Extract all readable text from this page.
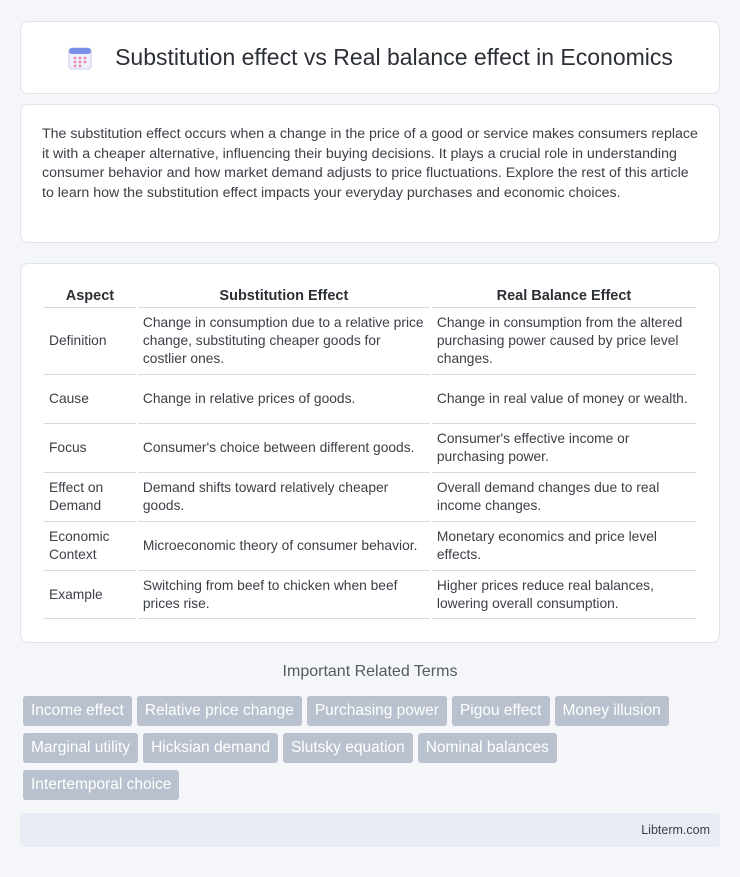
Substitution effect vs Real balance effect in Economics

The substitution effect occurs when a change in the price of a good or service makes consumers replace it with a cheaper alternative, influencing their buying decisions. It plays a crucial role in understanding consumer behavior and how market demand adjusts to price fluctuations. Explore the rest of this article to learn how the substitution effect impacts your everyday purchases and economic choices.

Aspect	Substitution Effect	Real Balance Effect
Definition	Change in consumption due to a relative price change, substituting cheaper goods for costlier ones.	Change in consumption from the altered purchasing power caused by price level changes.
Cause	Change in relative prices of goods.	Change in real value of money or wealth.
Focus	Consumer's choice between different goods.	Consumer's effective income or purchasing power.
Effect on Demand	Demand shifts toward relatively cheaper goods.	Overall demand changes due to real income changes.
Economic Context	Microeconomic theory of consumer behavior.	Monetary economics and price level effects.
Example	Switching from beef to chicken when beef prices rise.	Higher prices reduce real balances, lowering overall consumption.
Important Related Terms
Income effect Relative price change Purchasing power Pigou effect Money illusion
Marginal utility Hicksian demand Slutsky equation Nominal balances
Intertemporal choice
Libterm.com
